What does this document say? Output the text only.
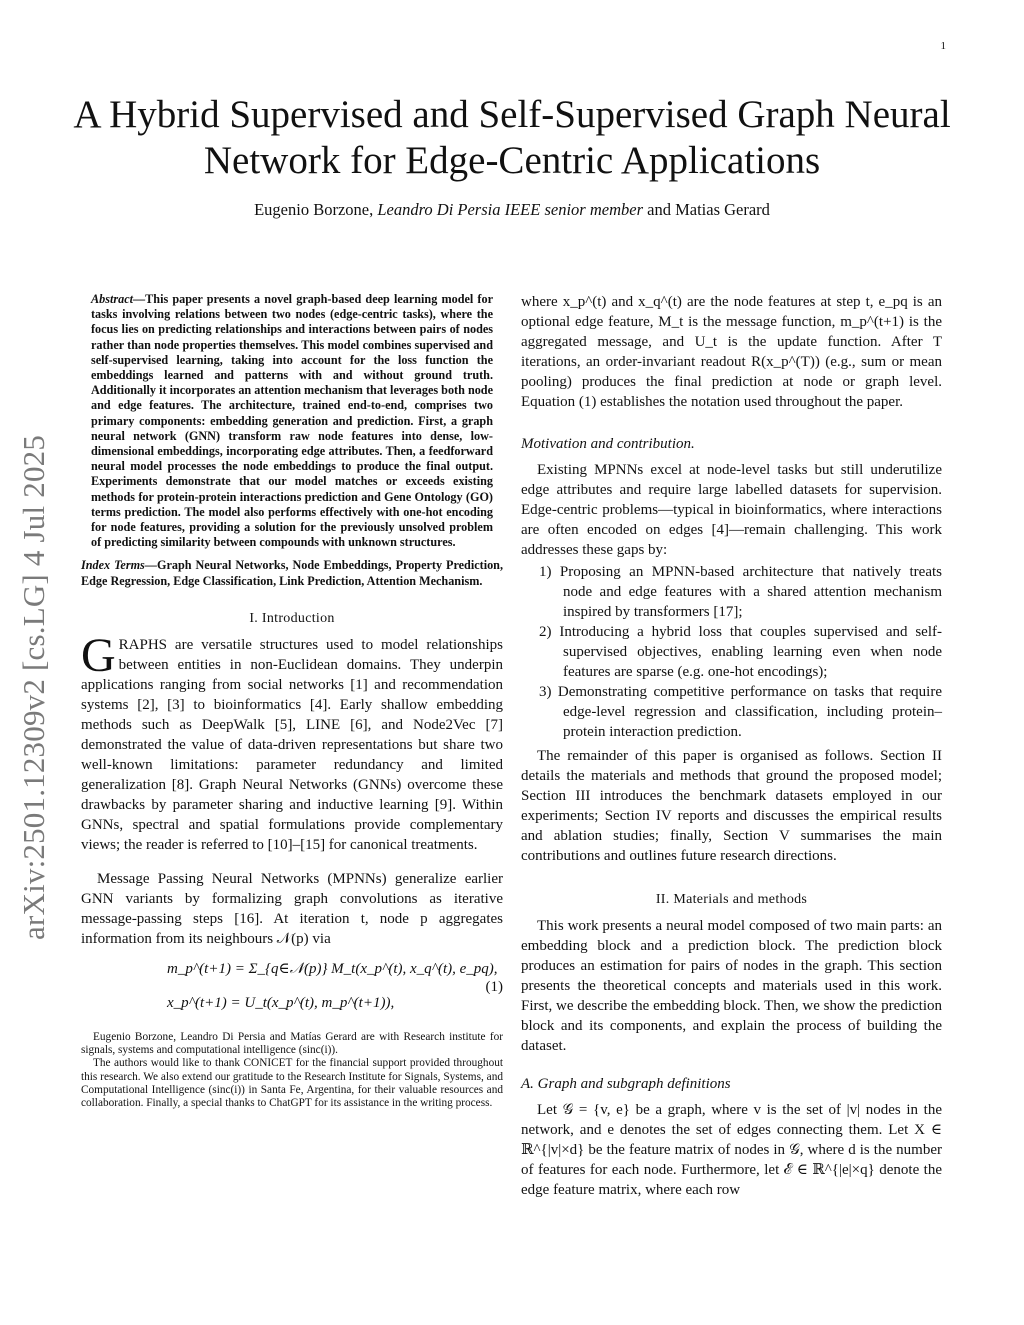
1
arXiv:2501.12309v2 [cs.LG] 4 Jul 2025
A Hybrid Supervised and Self-Supervised Graph Neural Network for Edge-Centric Applications
Eugenio Borzone, Leandro Di Persia IEEE senior member and Matias Gerard
Abstract—This paper presents a novel graph-based deep learning model for tasks involving relations between two nodes (edge-centric tasks), where the focus lies on predicting relationships and interactions between pairs of nodes rather than node properties themselves. This model combines supervised and self-supervised learning, taking into account for the loss function the embeddings learned and patterns with and without ground truth. Additionally it incorporates an attention mechanism that leverages both node and edge features. The architecture, trained end-to-end, comprises two primary components: embedding generation and prediction. First, a graph neural network (GNN) transform raw node features into dense, low-dimensional embeddings, incorporating edge attributes. Then, a feedforward neural model processes the node embeddings to produce the final output. Experiments demonstrate that our model matches or exceeds existing methods for protein-protein interactions prediction and Gene Ontology (GO) terms prediction. The model also performs effectively with one-hot encoding for node features, providing a solution for the previously unsolved problem of predicting similarity between compounds with unknown structures.
Index Terms—Graph Neural Networks, Node Embeddings, Property Prediction, Edge Regression, Edge Classification, Link Prediction, Attention Mechanism.
I. Introduction

GRAPHS are versatile structures used to model relationships between entities in non-Euclidean domains. They underpin applications ranging from social networks [1] and recommendation systems [2], [3] to bioinformatics [4]. Early shallow embedding methods such as DeepWalk [5], LINE [6], and Node2Vec [7] demonstrated the value of data-driven representations but share two well-known limitations: parameter redundancy and limited generalization [8]. Graph Neural Networks (GNNs) overcome these drawbacks by parameter sharing and inductive learning [9]. Within GNNs, spectral and spatial formulations provide complementary views; the reader is referred to [10]–[15] for canonical treatments.

Message Passing Neural Networks (MPNNs) generalize earlier GNN variants by formalizing graph convolutions as iterative message-passing steps [16]. At iteration t, node p aggregates information from its neighbours 𝒩(p) via

m_p^(t+1) = Σ_{q∈𝒩(p)} M_t(x_p^(t), x_q^(t), e_pq),
x_p^(t+1) = U_t(x_p^(t), m_p^(t+1)),
(1)

Eugenio Borzone, Leandro Di Persia and Matías Gerard are with Research institute for signals, systems and computational intelligence (sinc(i)).

The authors would like to thank CONICET for the financial support provided throughout this research. We also extend our gratitude to the Research Institute for Signals, Systems, and Computational Intelligence (sinc(i)) in Santa Fe, Argentina, for their valuable resources and collaboration. Finally, a special thanks to ChatGPT for its assistance in the writing process.

where x_p^(t) and x_q^(t) are the node features at step t, e_pq is an optional edge feature, M_t is the message function, m_p^(t+1) is the aggregated message, and U_t is the update function. After T iterations, an order-invariant readout R(x_p^(T)) (e.g., sum or mean pooling) produces the final prediction at node or graph level. Equation (1) establishes the notation used throughout the paper.

Motivation and contribution.

Existing MPNNs excel at node-level tasks but still underutilize edge attributes and require large labelled datasets for supervision. Edge-centric problems—typical in bioinformatics, where interactions are often encoded on edges [4]—remain challenging. This work addresses these gaps by:

1) Proposing an MPNN-based architecture that natively treats node and edge features with a shared attention mechanism inspired by transformers [17];
2) Introducing a hybrid loss that couples supervised and self-supervised objectives, enabling learning even when node features are sparse (e.g. one-hot encodings);
3) Demonstrating competitive performance on tasks that require edge-level regression and classification, including protein–protein interaction prediction.

The remainder of this paper is organised as follows. Section II details the materials and methods that ground the proposed model; Section III introduces the benchmark datasets employed in our experiments; Section IV reports and discusses the empirical results and ablation studies; finally, Section V summarises the main contributions and outlines future research directions.

II. Materials and methods

This work presents a neural model composed of two main parts: an embedding block and a prediction block. The prediction block produces an estimation for pairs of nodes in the graph. This section presents the theoretical concepts and materials used in this work. First, we describe the embedding block. Then, we show the prediction block and its components, and explain the process of building the dataset.

A. Graph and subgraph definitions

Let 𝒢 = {v, e} be a graph, where v is the set of |v| nodes in the network, and e denotes the set of edges connecting them. Let X ∈ ℝ^{|v|×d} be the feature matrix of nodes in 𝒢, where d is the number of features for each node. Furthermore, let ℰ ∈ ℝ^{|e|×q} denote the edge feature matrix, where each row
